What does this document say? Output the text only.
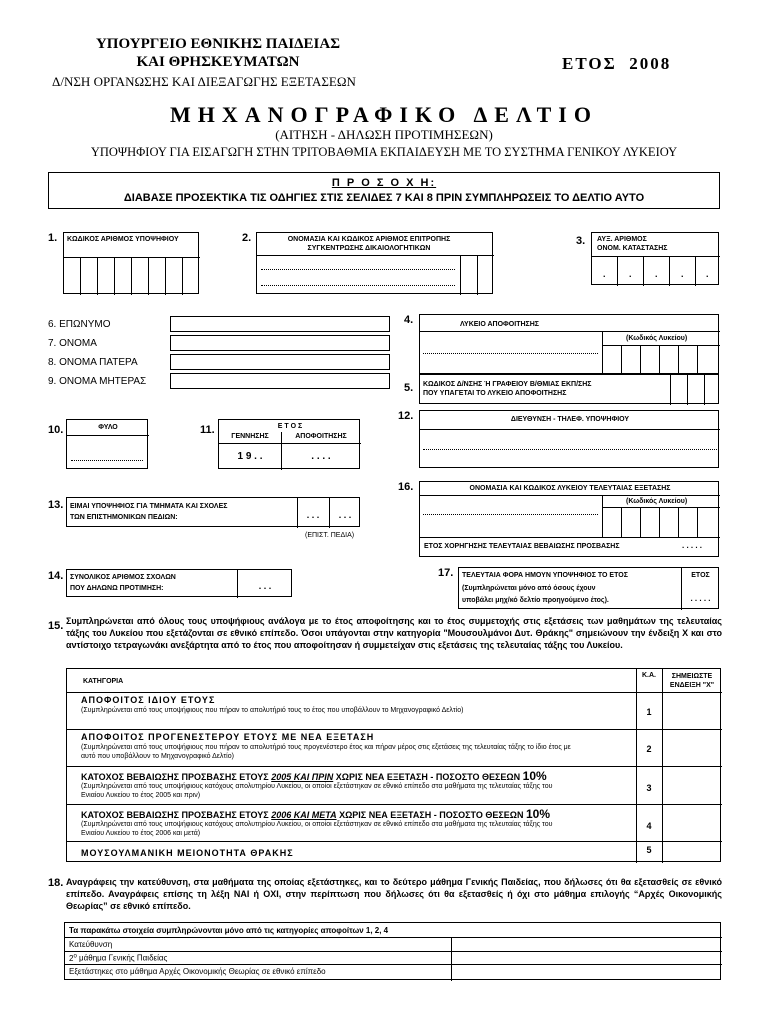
ΥΠΟΥΡΓΕΙΟ ΕΘΝΙΚΗΣ ΠΑΙΔΕΙΑΣ
ΚΑΙ ΘΡΗΣΚΕΥΜΑΤΩΝ
Δ/ΝΣΗ ΟΡΓΑΝΩΣΗΣ ΚΑΙ ΔΙΕΞΑΓΩΓΗΣ ΕΞΕΤΑΣΕΩΝ
ΕΤΟΣ 2008
ΜΗΧΑΝΟΓΡΑΦΙΚΟ ΔΕΛΤΙΟ
(ΑΙΤΗΣΗ - ΔΗΛΩΣΗ ΠΡΟΤΙΜΗΣΕΩΝ)
ΥΠΟΨΗΦΙΟΥ ΓΙΑ ΕΙΣΑΓΩΓΗ ΣΤΗΝ ΤΡΙΤΟΒΑΘΜΙΑ ΕΚΠΑΙΔΕΥΣΗ ΜΕ ΤΟ ΣΥΣΤΗΜΑ ΓΕΝΙΚΟΥ ΛΥΚΕΙΟΥ
Π Ρ Ο Σ Ο Χ Η:
ΔΙΑΒΑΣΕ ΠΡΟΣΕΚΤΙΚΑ ΤΙΣ ΟΔΗΓΙΕΣ ΣΤΙΣ ΣΕΛΙΔΕΣ 7 ΚΑΙ 8 ΠΡΙΝ ΣΥΜΠΛΗΡΩΣΕΙΣ ΤΟ ΔΕΛΤΙΟ ΑΥΤΟ
1. ΚΩΔΙΚΟΣ ΑΡΙΘΜΟΣ ΥΠΟΨΗΦΙΟΥ	2.	ΟΝΟΜΑΣΙΑ ΚΑΙ ΚΩΔΙΚΟΣ ΑΡΙΘΜΟΣ ΕΠΙΤΡΟΠΗΣ ΣΥΓΚΕΝΤΡΩΣΗΣ ΔΙΚΑΙΟΛΟΓΗΤΙΚΩΝ
3. ΑΥΞ. ΑΡΙΘΜΟΣ
ΟΝΟΜ. ΚΑΤΑΣΤΑΣΗΣ
.	.	.	. .
6. ΕΠΩΝΥΜΟ
7. ΟΝΟΜΑ
8. ΟΝΟΜΑ ΠΑΤΕΡΑ
9. ΟΝΟΜΑ ΜΗΤΕΡΑΣ
4.	ΛΥΚΕΙΟ ΑΠΟΦΟΙΤΗΣΗΣ
(Κωδικός Λυκείου)
5. ΚΩΔΙΚΟΣ Δ/ΝΣΗΣ Ή ΓΡΑΦΕΙΟΥ Β/ΘΜΙΑΣ ΕΚΠ/ΣΗΣ
ΠΟΥ ΥΠΑΓΕΤΑΙ ΤΟ ΛΥΚΕΙΟ ΑΠΟΦΟΙΤΗΣΗΣ
10.	ΦΥΛΟ	11.	Ε Τ Ο Σ
ΓΕΝΝΗΣΗΣ	ΑΠΟΦΟΙΤΗΣΗΣ
1 9 . .	. . . .
12.	ΔΙΕΥΘΥΝΣΗ - ΤΗΛΕΦ. ΥΠΟΨΗΦΙΟΥ
16.	ΟΝΟΜΑΣΙΑ ΚΑΙ ΚΩΔΙΚΟΣ ΛΥΚΕΙΟΥ ΤΕΛΕΥΤΑΙΑΣ ΕΞΕΤΑΣΗΣ
(Κωδικός Λυκείου)
ΕΤΟΣ ΧΟΡΗΓΗΣΗΣ ΤΕΛΕΥΤΑΙΑΣ ΒΕΒΑΙΩΣΗΣ ΠΡΟΣΒΑΣΗΣ	. . . . .
13. ΕΙΜΑΙ ΥΠΟΨΗΦΙΟΣ ΓΙΑ ΤΜΗΜΑΤΑ ΚΑΙ ΣΧΟΛΕΣ
ΤΩΝ ΕΠΙΣΤΗΜΟΝΙΚΩΝ ΠΕΔΙΩΝ:	. . .	. . .
(ΕΠΙΣΤ. ΠΕΔΙΑ)
14. ΣΥΝΟΛΙΚΟΣ ΑΡΙΘΜΟΣ ΣΧΟΛΩΝ
ΠΟΥ ΔΗΛΩΝΩ ΠΡΟΤΙΜΗΣΗ:	. . .
17. ΤΕΛΕΥΤΑΙΑ ΦΟΡΑ ΗΜΟΥΝ ΥΠΟΨΗΦΙΟΣ ΤΟ ΕΤΟΣ
(Συμπληρώνεται μόνο από όσους έχουν
υποβάλει μηχ/κό δελτίο προηγούμενο έτος).
ΕΤΟΣ
. . . . .
15. Συμπληρώνεται από όλους τους υποψήφιους ανάλογα με το έτος αποφοίτησης και το έτος συμμετοχής στις εξετάσεις των μαθημάτων της τελευταίας τάξης του Λυκείου που εξετάζονται σε εθνικό επίπεδο. Όσοι υπάγονται στην κατηγορία "Μουσουλμάνοι Δυτ. Θράκης" σημειώνουν την ένδειξη Χ και στο αντίστοιχο τετραγωνάκι ανεξάρτητα από το έτος που αποφοίτησαν ή συμμετείχαν στις εξετάσεις της τελευταίας τάξης του Λυκείου.
ΚΑΤΗΓΟΡΙΑ
Κ.Α.	ΣΗΜΕΙΩΣΤΕ ΕΝΔΕΙΞΗ "Χ"
ΑΠΟΦΟΙΤΟΣ ΙΔΙΟΥ ΕΤΟΥΣ
(Συμπληρώνεται από τους υποψήφιους που πήραν το απολυτήριό τους το έτος που υποβάλλουν το Μηχανογραφικό Δελτίο)	1
ΑΠΟΦΟΙΤΟΣ ΠΡΟΓΕΝΕΣΤΕΡΟΥ ΕΤΟΥΣ ΜΕ ΝΕΑ ΕΞΕΤΑΣΗ
(Συμπληρώνεται από τους υποψήφιους που πήραν το απολυτήριό τους προγενέστερο έτος και πήραν μέρος στις εξετάσεις της τελευταίας τάξης το ίδιο έτος με αυτό που υποβάλλουν το Μηχανογραφικό Δελτίο)
2
ΚΑΤΟΧΟΣ ΒΕΒΑΙΩΣΗΣ ΠΡΟΣΒΑΣΗΣ ΕΤΟΥΣ 2005 ΚΑΙ ΠΡΙΝ ΧΩΡΙΣ ΝΕΑ ΕΞΕΤΑΣΗ - ΠΟΣΟΣΤΟ ΘΕΣΕΩΝ 10%
(Συμπληρώνεται από τους υποψήφιους κατόχους απολυτηρίου Λυκείου, οι οποίοι εξετάστηκαν σε εθνικό επίπεδο στα μαθήματα της τελευταίας τάξης του Ενιαίου Λυκείου το έτος 2005 και πριν)
3
ΚΑΤΟΧΟΣ ΒΕΒΑΙΩΣΗΣ ΠΡΟΣΒΑΣΗΣ ΕΤΟΥΣ 2006 ΚΑΙ ΜΕΤΑ ΧΩΡΙΣ ΝΕΑ ΕΞΕΤΑΣΗ - ΠΟΣΟΣΤΟ ΘΕΣΕΩΝ 10%
(Συμπληρώνεται από τους υποψήφιους κατόχους απολυτηρίου Λυκείου, οι οποίοι εξετάστηκαν σε εθνικό επίπεδο στα μαθήματα της τελευταίας τάξης του Ενιαίου Λυκείου το έτος 2006 και μετά)
4
ΜΟΥΣΟΥΛΜΑΝΙΚΗ ΜΕΙΟΝΟΤΗΤΑ ΘΡΑΚΗΣ	5
18. Αναγράφεις την κατεύθυνση, στα μαθήματα της οποίας εξετάστηκες, και το δεύτερο μάθημα Γενικής Παιδείας, που δήλωσες ότι θα εξετασθείς σε εθνικό επίπεδο. Αναγράφεις επίσης τη λέξη ΝΑΙ ή ΟΧΙ, στην περίπτωση που δήλωσες ότι θα εξετασθείς ή όχι στο μάθημα επιλογής “Αρχές Οικονομικής Θεωρίας” σε εθνικό επίπεδο.
Τα παρακάτω στοιχεία συμπληρώνονται μόνο από τις κατηγορίες αποφοίτων 1, 2, 4
Κατεύθυνση
$2^o$ μάθημα Γενικής Παιδείας
Εξετάστηκες στο μάθημα Αρχές Οικονομικής Θεωρίας σε εθνικό επίπεδο
